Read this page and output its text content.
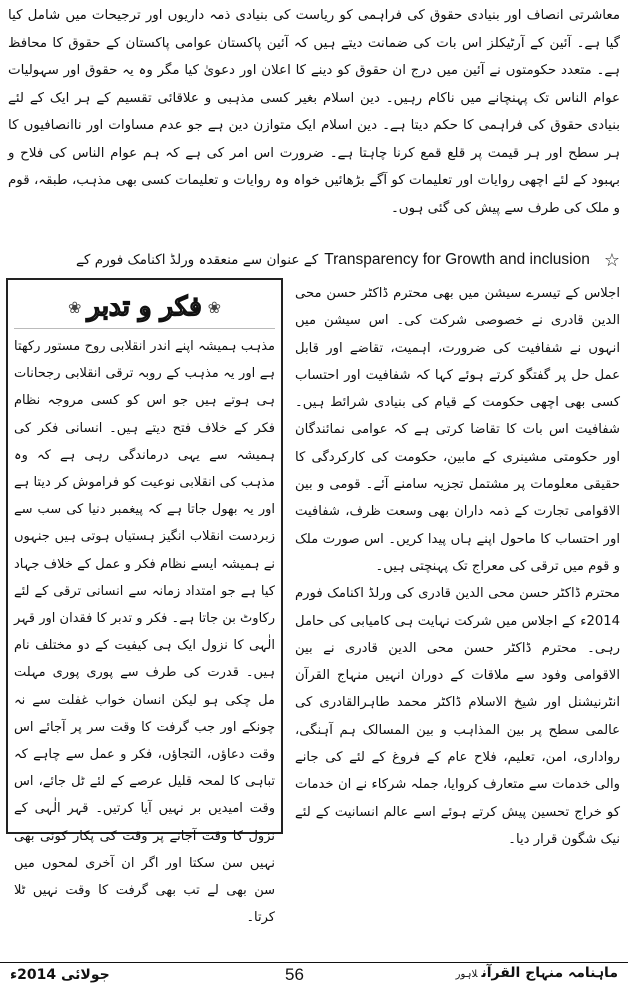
معاشرتی انصاف اور بنیادی حقوق کی فراہمی کو ریاست کی بنیادی ذمہ داریوں اور ترجیحات میں شامل کیا گیا ہے۔ آئین کے آرٹیکلز اس بات کی ضمانت دیتے ہیں کہ آئین پاکستان عوامی پاکستان کے حقوق کا محافظ ہے۔ متعدد حکومتوں نے آئین میں درج ان حقوق کو دینے کا اعلان اور دعویٰ کیا مگر وہ یہ حقوق اور سہولیات عوام الناس تک پہنچانے میں ناکام رہیں۔ دین اسلام بغیر کسی مذہبی و علاقائی تقسیم کے ہر ایک کے لئے بنیادی حقوق کی فراہمی کا حکم دیتا ہے۔ دین اسلام ایک متوازن دین ہے جو عدم مساوات اور ناانصافیوں کا ہر سطح اور ہر قیمت پر قلع قمع کرنا چاہتا ہے۔ ضرورت اس امر کی ہے کہ ہم عوام الناس کی فلاح و بہبود کے لئے اچھی روایات اور تعلیمات کو آگے بڑھائیں خواہ وہ روایات و تعلیمات کسی بھی مذہب، طبقہ، قوم و ملک کی طرف سے پیش کی گئی ہوں۔

☆
Transparency for Growth and inclusion
کے عنوان سے منعقدہ ورلڈ اکنامک فورم کے

اجلاس کے تیسرے سیشن میں بھی محترم ڈاکٹر حسن محی الدین قادری نے خصوصی شرکت کی۔ اس سیشن میں انہوں نے شفافیت کی ضرورت، اہمیت، تقاضے اور قابل عمل حل پر گفتگو کرتے ہوئے کہا کہ شفافیت اور احتساب کسی بھی اچھی حکومت کے قیام کی بنیادی شرائط ہیں۔ شفافیت اس بات کا تقاضا کرتی ہے کہ عوامی نمائندگان اور حکومتی مشینری کے مابین، حکومت کی کارکردگی کا حقیقی معلومات پر مشتمل تجزیہ سامنے آئے۔ قومی و بین الاقوامی تجارت کے ذمہ داران بھی وسعت ظرف، شفافیت اور احتساب کا ماحول اپنے ہاں پیدا کریں۔ اس صورت ملک و قوم میں ترقی کی معراج تک پہنچتی ہیں۔

محترم ڈاکٹر حسن محی الدین قادری کی ورلڈ اکنامک فورم 2014ء کے اجلاس میں شرکت نہایت ہی کامیابی کی حامل رہی۔ محترم ڈاکٹر حسن محی الدین قادری نے بین الاقوامی وفود سے ملاقات کے دوران انہیں منہاج القرآن انٹرنیشنل اور شیخ الاسلام ڈاکٹر محمد طاہرالقادری کی عالمی سطح پر بین المذاہب و بین المسالک ہم آہنگی، رواداری، امن، تعلیم، فلاح عام کے فروغ کے لئے کی جانے والی خدمات سے متعارف کروایا، جملہ شرکاء نے ان خدمات کو خراج تحسین پیش کرتے ہوئے اسے عالم انسانیت کے لئے نیک شگون قرار دیا۔

❀ فکر و تدبر ❀
مذہب ہمیشہ اپنے اندر انقلابی روح مستور رکھتا ہے اور یہ مذہب کے روبہ ترقی انقلابی رجحانات ہی ہوتے ہیں جو اس کو کسی مروجہ نظام فکر کے خلاف فتح دیتے ہیں۔ انسانی فکر کی ہمیشہ سے یہی درماندگی رہی ہے کہ وہ مذہب کی انقلابی نوعیت کو فراموش کر دیتا ہے اور یہ بھول جاتا ہے کہ پیغمبر دنیا کی سب سے زبردست انقلاب انگیز ہستیاں ہوتی ہیں جنہوں نے ہمیشہ ایسے نظام فکر و عمل کے خلاف جہاد کیا ہے جو امتداد زمانہ سے انسانی ترقی کے لئے رکاوٹ بن جاتا ہے۔ فکر و تدبر کا فقدان اور قہر الٰہی کا نزول ایک ہی کیفیت کے دو مختلف نام ہیں۔ قدرت کی طرف سے پوری پوری مہلت مل چکی ہو لیکن انسان خواب غفلت سے نہ چونکے اور جب گرفت کا وقت سر پر آجائے اس وقت دعاؤں، التجاؤں، فکر و عمل سے چاہے کہ تباہی کا لمحہ قلیل عرصے کے لئے ٹل جائے، اس وقت امیدیں بر نہیں آیا کرتیں۔ قہر الٰہی کے نزول کا وقت آجانے پر وقت کی پکار کوئی بھی نہیں سن سکتا اور اگر ان آخری لمحوں میں سن بھی لے تب بھی گرفت کا وقت نہیں ٹلا کرتا۔
جولائی 2014ء	56	ماہنامہ منہاج القرآنلاہور
